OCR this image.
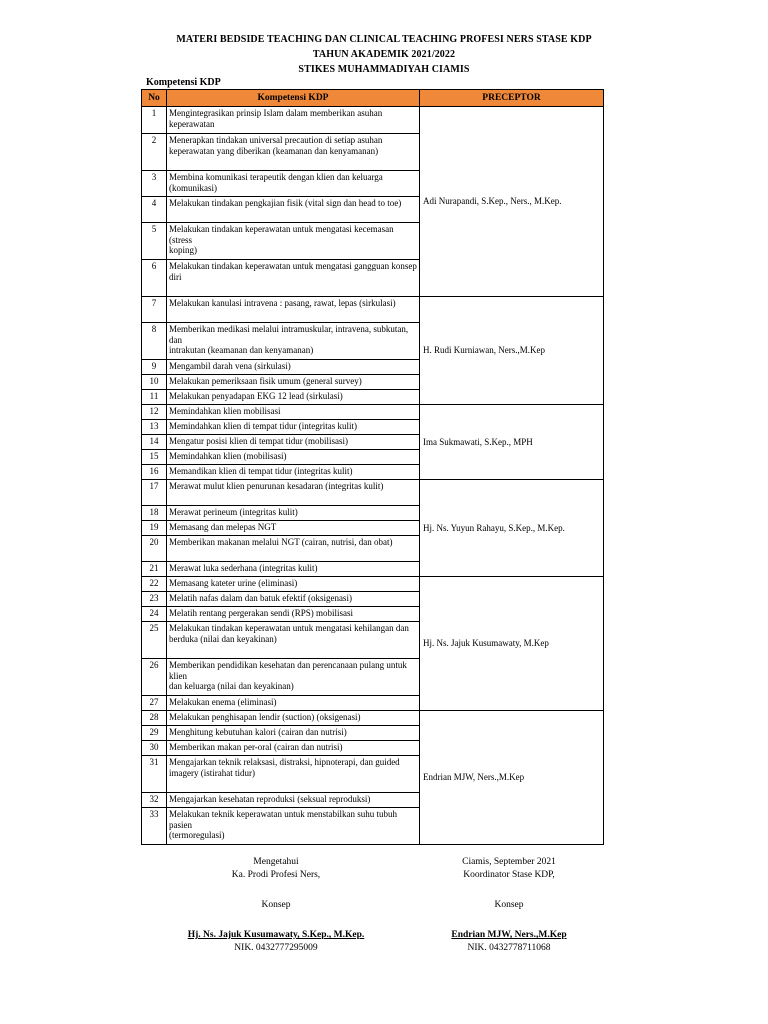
MATERI BEDSIDE TEACHING DAN CLINICAL TEACHING PROFESI NERS STASE KDP
TAHUN AKADEMIK 2021/2022
STIKES MUHAMMADIYAH CIAMIS
Kompetensi KDP
No	Kompetensi KDP	PRECEPTOR
1	Mengintegrasikan prinsip Islam dalam memberikan asuhan keperawatan	Adi Nurapandi, S.Kep., Ners., M.Kep.
2	Menerapkan tindakan universal precaution di setiap asuhan keperawatan yang diberikan (keamanan dan kenyamanan)	
3	Membina komunikasi terapeutik dengan klien dan keluarga (komunikasi)	
4	Melakukan tindakan pengkajian fisik (vital sign dan head to toe)	
5	Melakukan tindakan keperawatan untuk mengatasi kecemasan (stress
koping)	
6	Melakukan tindakan keperawatan untuk mengatasi gangguan konsep
diri	
7	Melakukan kanulasi intravena : pasang, rawat, lepas (sirkulasi)	H. Rudi Kurniawan, Ners.,M.Kep
8	Memberikan medikasi melalui intramuskular, intravena, subkutan, dan
intrakutan (keamanan dan kenyamanan)	
9	Mengambil darah vena (sirkulasi)	
10	Melakukan pemeriksaan fisik umum (general survey)	
11	Melakukan penyadapan EKG 12 lead (sirkulasi)	
12	Memindahkan klien mobilisasi	Ima Sukmawati, S.Kep., MPH
13	Memindahkan klien di tempat tidur (integritas kulit)	
14	Mengatur posisi klien di tempat tidur (mobilisasi)	
15	Memindahkan klien (mobilisasi)	
16	Memandikan klien di tempat tidur (integritas kulit)	
17	Merawat mulut klien penurunan kesadaran (integritas kulit)	Hj. Ns. Yuyun Rahayu, S.Kep., M.Kep.
18	Merawat perineum (integritas kulit)	
19	Memasang dan melepas NGT	
20	Memberikan makanan melalui NGT (cairan, nutrisi, dan obat)	
21	Merawat luka sederhana (integritas kulit)	
22	Memasang kateter urine (eliminasi)	Hj. Ns. Jajuk Kusumawaty, M.Kep
23	Melatih nafas dalam dan batuk efektif (oksigenasi)	
24	Melatih rentang pergerakan sendi (RPS) mobilisasi	
25	Melakukan tindakan keperawatan untuk mengatasi kehilangan dan
berduka (nilai dan keyakinan)	
26	Memberikan pendidikan kesehatan dan perencanaan pulang untuk klien
dan keluarga (nilai dan keyakinan)	
27	Melakukan enema (eliminasi)	
28	Melakukan penghisapan lendir (suction) (oksigenasi)	Endrian MJW, Ners.,M.Kep
29	Menghitung kebutuhan kalori (cairan dan nutrisi)	
30	Memberikan makan per-oral (cairan dan nutrisi)	
31	Mengajarkan teknik relaksasi, distraksi, hipnoterapi, dan guided
imagery (istirahat tidur)	
32	Mengajarkan kesehatan reproduksi (seksual reproduksi)	
33	Melakukan teknik keperawatan untuk menstabilkan suhu tubuh pasien
(termoregulasi)	
Mengetahui
Ka. Prodi Profesi Ners,
Konsep
Hj. Ns. Jajuk Kusumawaty, S.Kep., M.Kep.
NIK. 0432777295009
Ciamis, September 2021
Koordinator Stase KDP,
Konsep
Endrian MJW, Ners.,M.Kep
NIK. 0432778711068
